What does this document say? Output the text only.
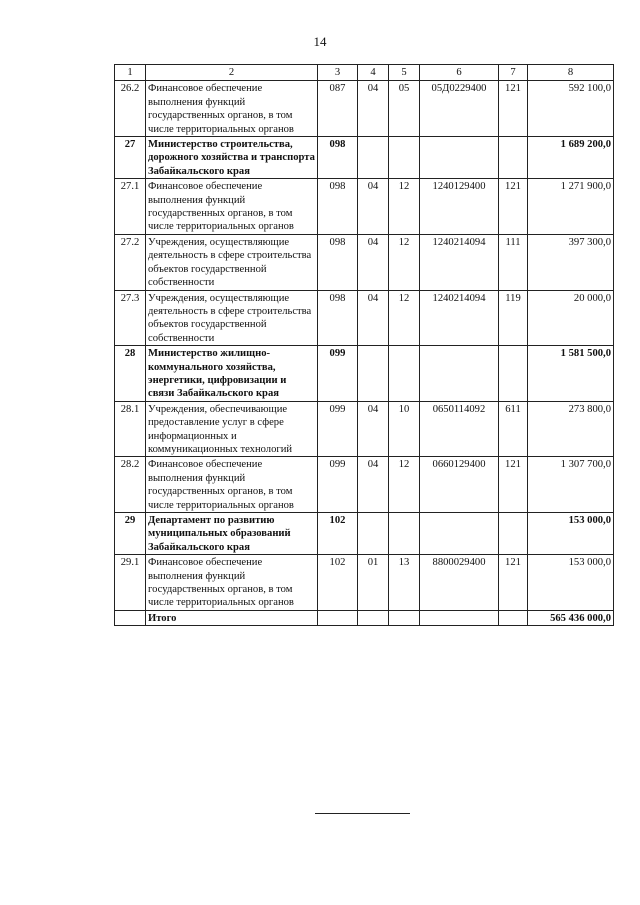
14
1	2	3	4	5	6	7	8
26.2	Финансовое обеспечение выполнения функций государственных органов, в том числе территориальных органов	087	04	05	05Д0229400	121	592 100,0
27	Министерство строительства, дорожного хозяйства и транспорта Забайкальского края	098					1 689 200,0
27.1	Финансовое обеспечение выполнения функций государственных органов, в том числе территориальных органов	098	04	12	1240129400	121	1 271 900,0
27.2	Учреждения, осуществляющие деятельность в сфере строительства объектов государственной собственности	098	04	12	1240214094	111	397 300,0
27.3	Учреждения, осуществляющие деятельность в сфере строительства объектов государственной собственности	098	04	12	1240214094	119	20 000,0
28	Министерство жилищно-коммунального хозяйства, энергетики, цифровизации и связи Забайкальского края	099					1 581 500,0
28.1	Учреждения, обеспечивающие предоставление услуг в сфере информационных и коммуникационных технологий	099	04	10	0650114092	611	273 800,0
28.2	Финансовое обеспечение выполнения функций государственных органов, в том числе территориальных органов	099	04	12	0660129400	121	1 307 700,0
29	Департамент по развитию муниципальных образований Забайкальского края	102					153 000,0
29.1	Финансовое обеспечение выполнения функций государственных органов, в том числе территориальных органов	102	01	13	8800029400	121	153 000,0
	Итого						565 436 000,0
